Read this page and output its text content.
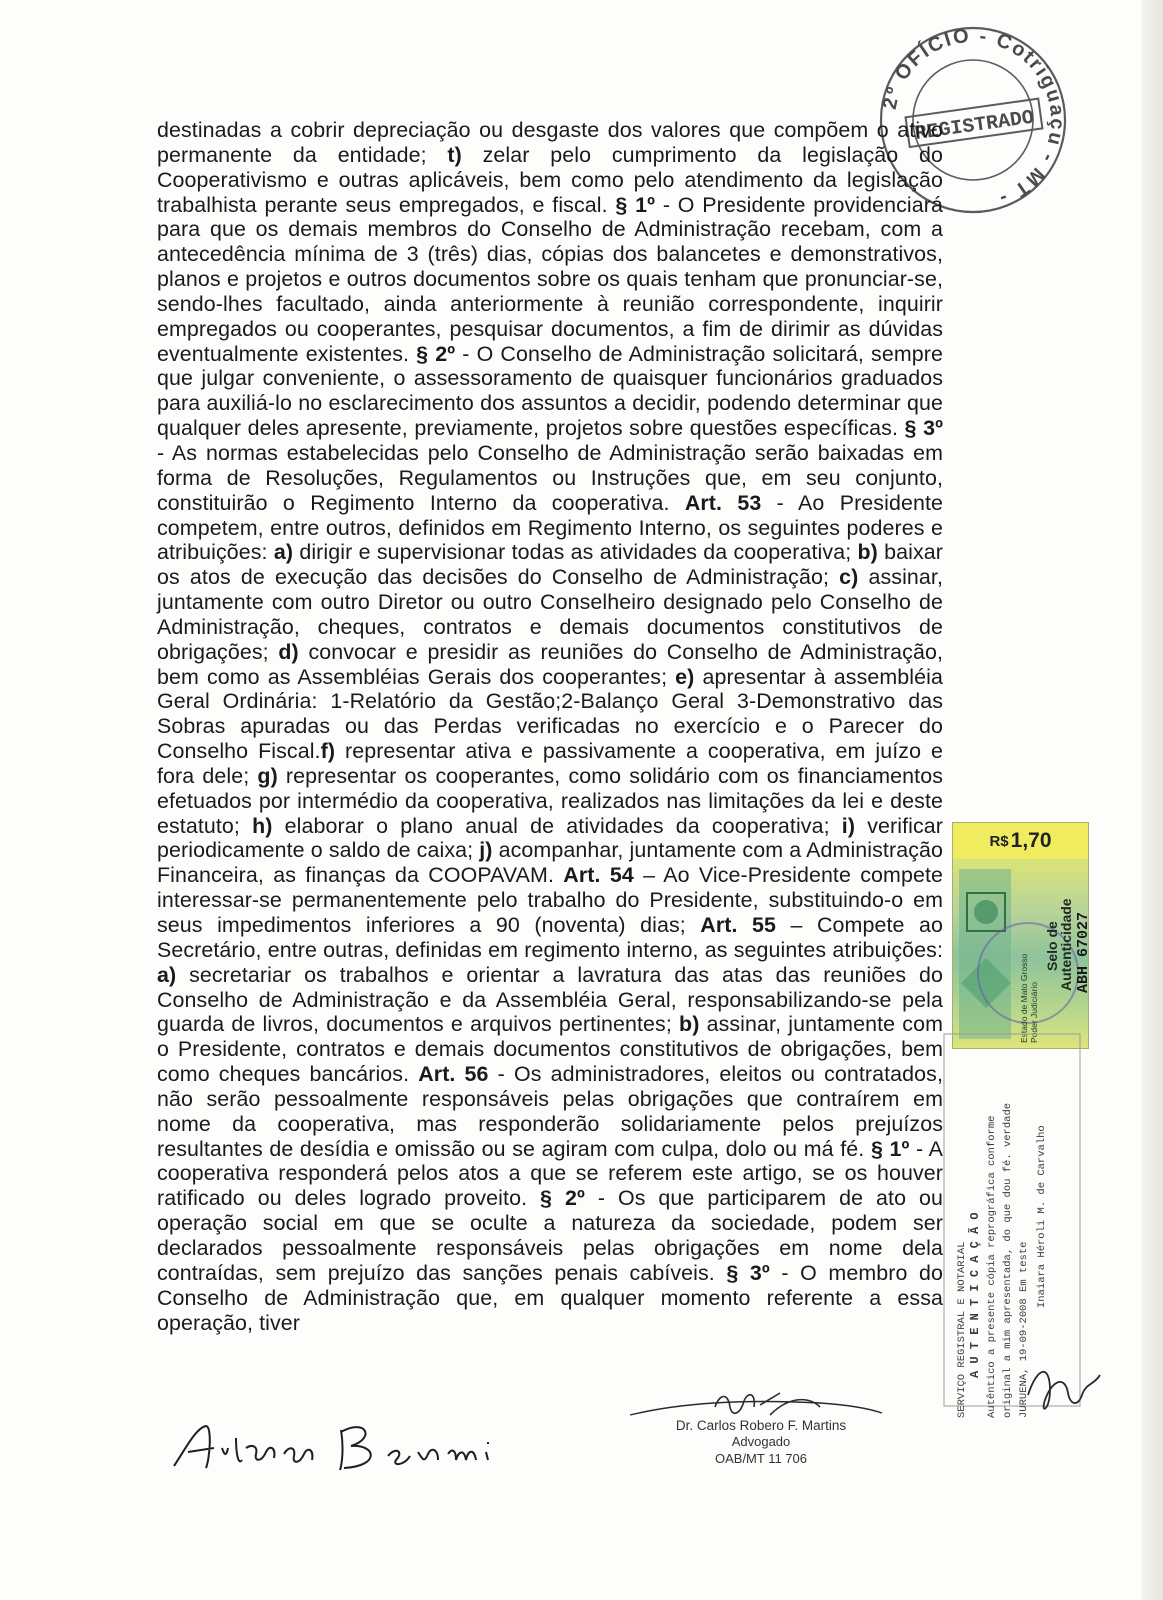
2º OFÍCIO - Cotriguaçu - MT -
REGISTRADO

destinadas a cobrir depreciação ou desgaste dos valores que compõem o ativo permanente da entidade; t) zelar pelo cumprimento da legislação do Cooperativismo e outras aplicáveis, bem como pelo atendimento da legislação trabalhista perante seus empregados, e fiscal. § 1º - O Presidente providenciará para que os demais membros do Conselho de Administração recebam, com a antecedência mínima de 3 (três) dias, cópias dos balancetes e demonstrativos, planos e projetos e outros documentos sobre os quais tenham que pronunciar-se, sendo-lhes facultado, ainda anteriormente à reunião correspondente, inquirir empregados ou cooperantes, pesquisar documentos, a fim de dirimir as dúvidas eventualmente existentes. § 2º - O Conselho de Administração solicitará, sempre que julgar conveniente, o assessoramento de quaisquer funcionários graduados para auxiliá-lo no esclarecimento dos assuntos a decidir, podendo determinar que qualquer deles apresente, previamente, projetos sobre questões específicas. § 3º - As normas estabelecidas pelo Conselho de Administração serão baixadas em forma de Resoluções, Regulamentos ou Instruções que, em seu conjunto, constituirão o Regimento Interno da cooperativa. Art. 53 - Ao Presidente competem, entre outros, definidos em Regimento Interno, os seguintes poderes e atribuições: a) dirigir e supervisionar todas as atividades da cooperativa; b) baixar os atos de execução das decisões do Conselho de Administração; c) assinar, juntamente com outro Diretor ou outro Conselheiro designado pelo Conselho de Administração, cheques, contratos e demais documentos constitutivos de obrigações; d) convocar e presidir as reuniões do Conselho de Administração, bem como as Assembléias Gerais dos cooperantes; e) apresentar à assembléia Geral Ordinária: 1-Relatório da Gestão;2-Balanço Geral 3-Demonstrativo das Sobras apuradas ou das Perdas verificadas no exercício e o Parecer do Conselho Fiscal.f) representar ativa e passivamente a cooperativa, em juízo e fora dele; g) representar os cooperantes, como solidário com os financiamentos efetuados por intermédio da cooperativa, realizados nas limitações da lei e deste estatuto; h) elaborar o plano anual de atividades da cooperativa; i) verificar periodicamente o saldo de caixa; j) acompanhar, juntamente com a Administração Financeira, as finanças da COOPAVAM. Art. 54 – Ao Vice-Presidente compete interessar-se permanentemente pelo trabalho do Presidente, substituindo-o em seus impedimentos inferiores a 90 (noventa) dias; Art. 55 – Compete ao Secretário, entre outras, definidas em regimento interno, as seguintes atribuições: a) secretariar os trabalhos e orientar a lavratura das atas das reuniões do Conselho de Administração e da Assembléia Geral, responsabilizando-se pela guarda de livros, documentos e arquivos pertinentes; b) assinar, juntamente com o Presidente, contratos e demais documentos constitutivos de obrigações, bem como cheques bancários. Art. 56 - Os administradores, eleitos ou contratados, não serão pessoalmente responsáveis pelas obrigações que contraírem em nome da cooperativa, mas responderão solidariamente pelos prejuízos resultantes de desídia e omissão ou se agiram com culpa, dolo ou má fé. § 1º - A cooperativa responderá pelos atos a que se referem este artigo, se os houver ratificado ou deles logrado proveito. § 2º - Os que participarem de ato ou operação social em que se oculte a natureza da sociedade, podem ser declarados pessoalmente responsáveis pelas obrigações em nome dela contraídas, sem prejuízo das sanções penais cabíveis. § 3º - O membro do Conselho de Administração que, em qualquer momento referente a essa operação, tiver

R$ 1,70
Estado de Mato Grosso Poder Judiciário
Selo de
Autenticidade ABH 67027
SERVIÇO REGISTRAL E NOTARIAL A U T E N T I C A Ç Ã O Autêntico a presente cópia reprográfica conforme original a mim apresentada, do que dou fé. verdade JURUENA, 19-09-2008 Em teste
Inaiara Héroli M. de Carvalho
Dr. Carlos Robero F. Martins
Advogado
OAB/MT 11 706
